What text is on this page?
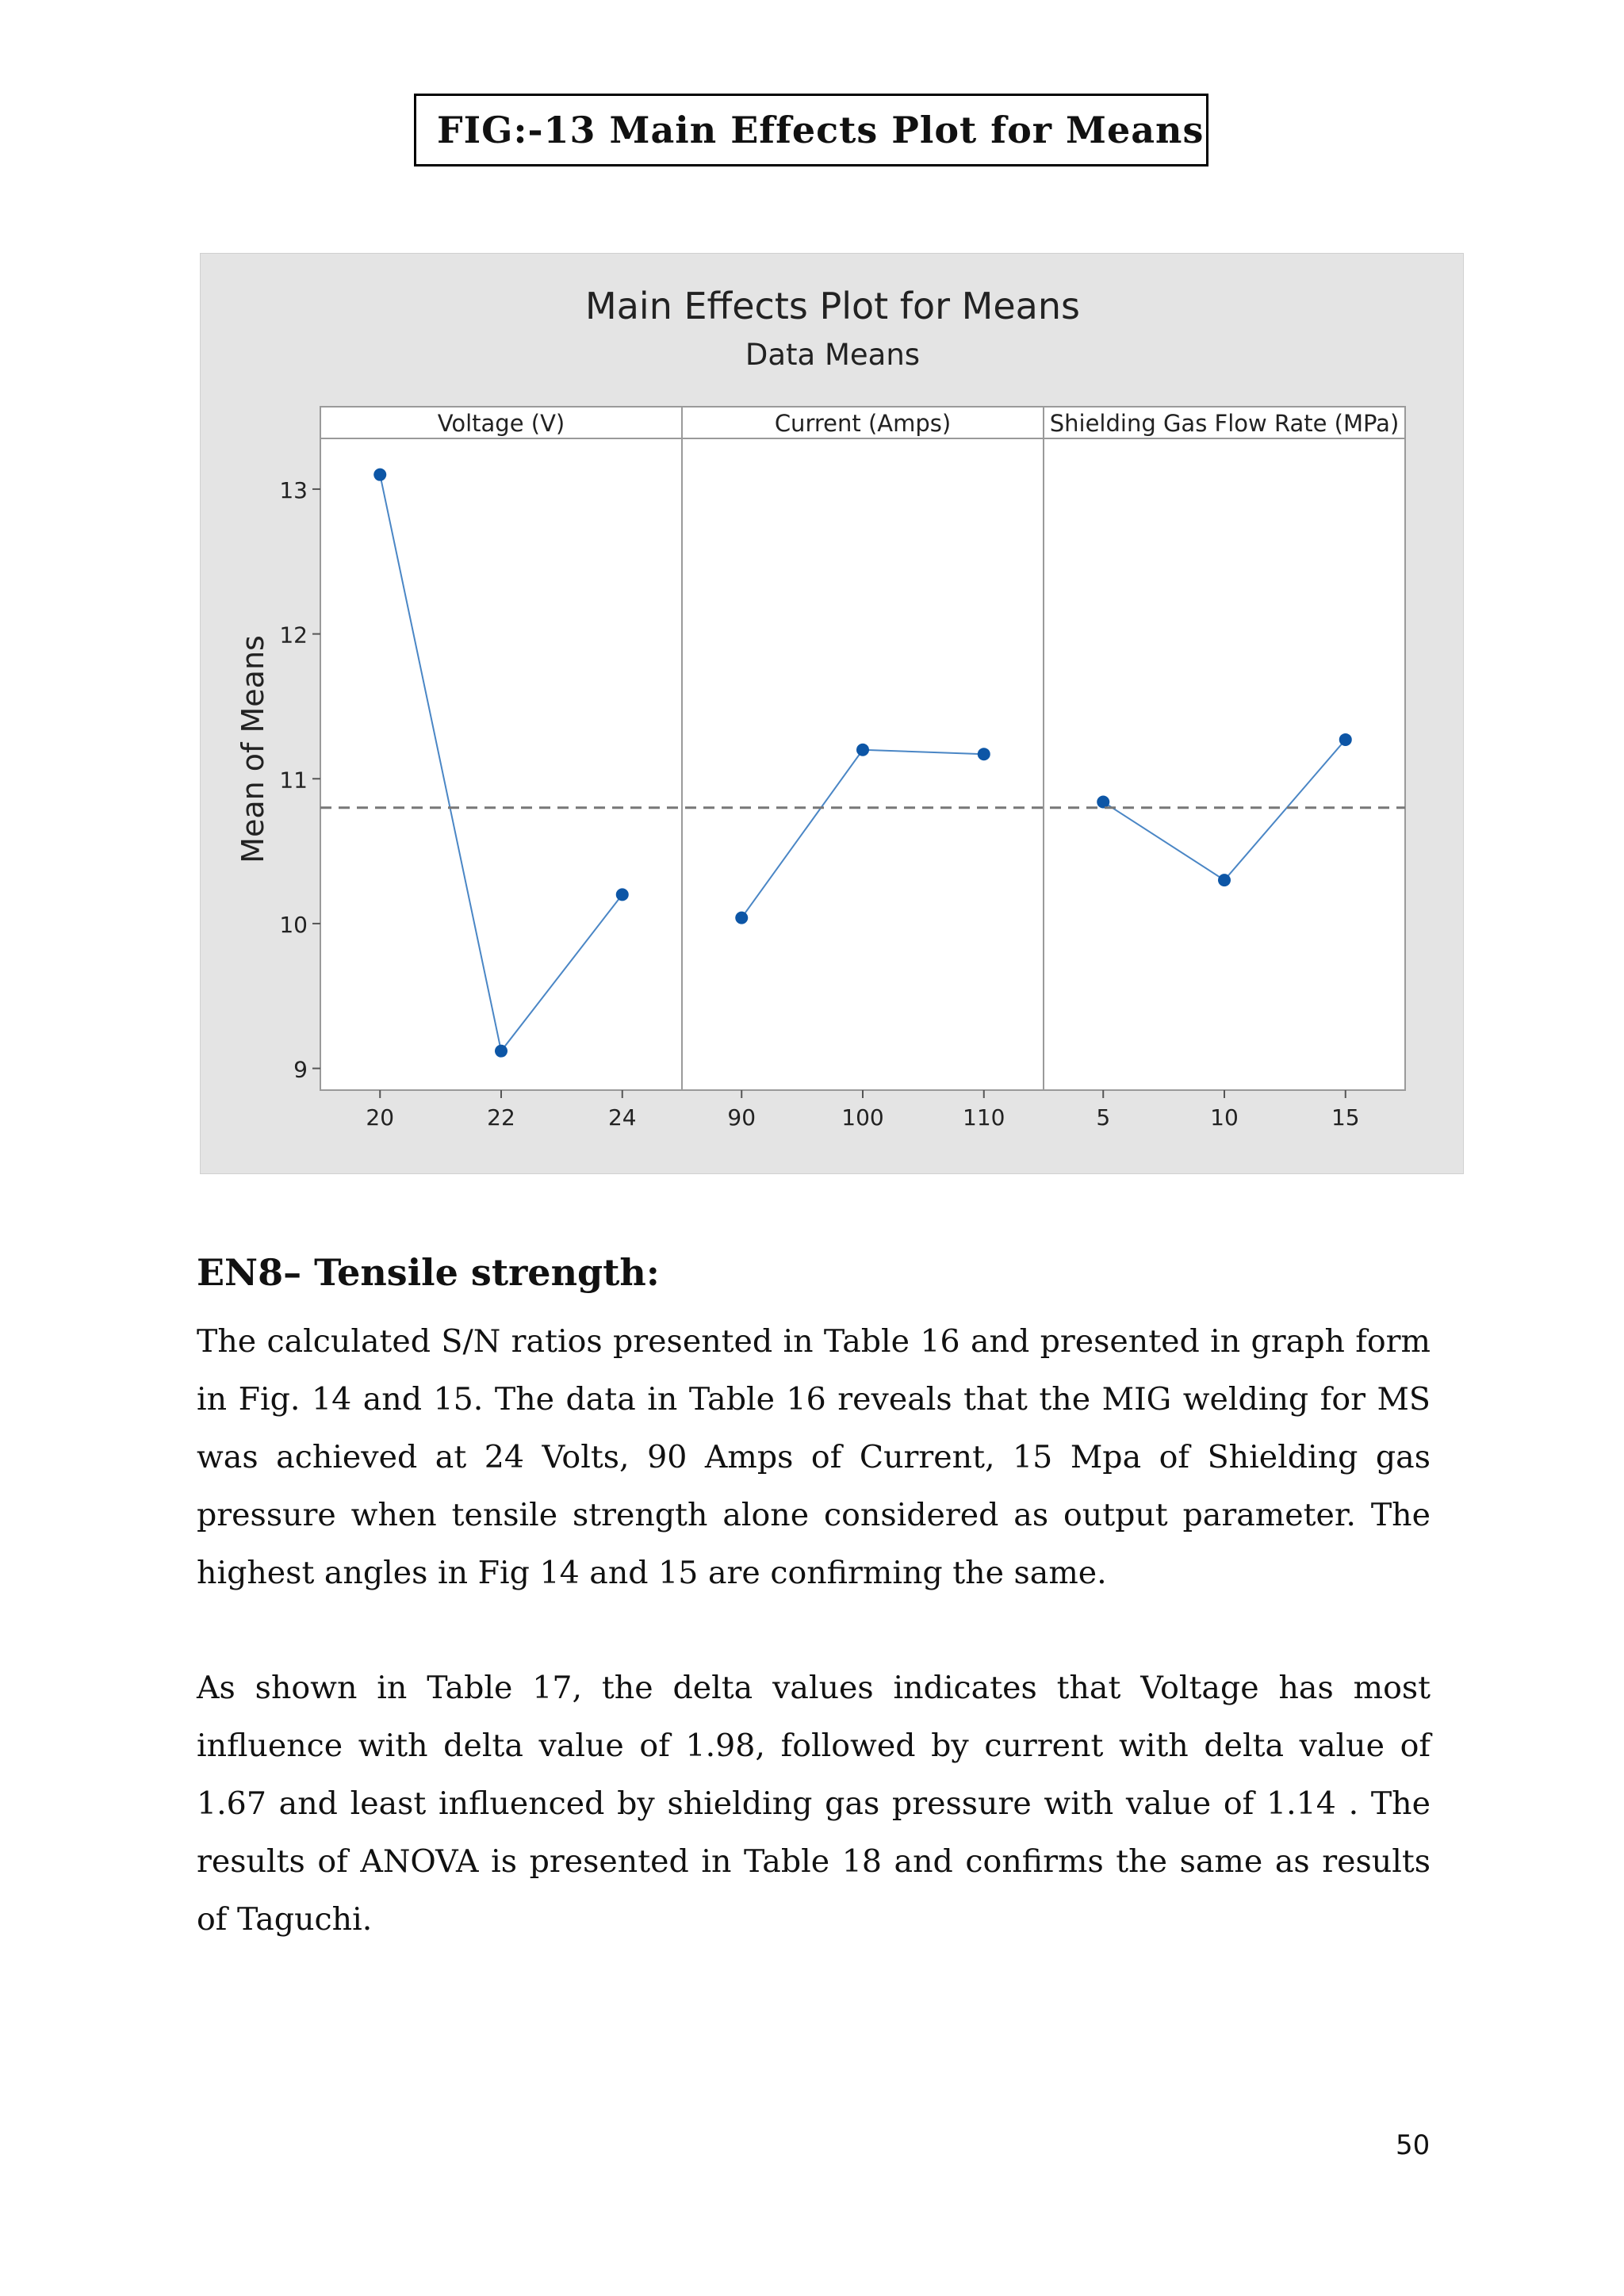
FIG:-13 Main Effects Plot for Means
Main Effects Plot for Means
Data Means
Mean of Means
9
10
11
12
13
Voltage (V)
20	22	24
Current (Amps)
90	100	110
Shielding Gas Flow Rate (MPa)
5	10	15
EN8– Tensile strength:

The calculated S/N ratios presented in Table 16 and presented in graph form in Fig. 14 and 15. The data in Table 16 reveals that the MIG welding for MS was achieved at 24 Volts, 90 Amps of Current, 15 Mpa of Shielding gas pressure when tensile strength alone considered as output parameter. The highest angles in Fig 14 and 15 are confirming the same.

As shown in Table 17, the delta values indicates that Voltage has most influence with delta value of 1.98, followed by current with delta value of 1.67 and least influenced by shielding gas pressure with value of 1.14 . The results of ANOVA is presented in Table 18 and confirms the same as results of Taguchi.

50
